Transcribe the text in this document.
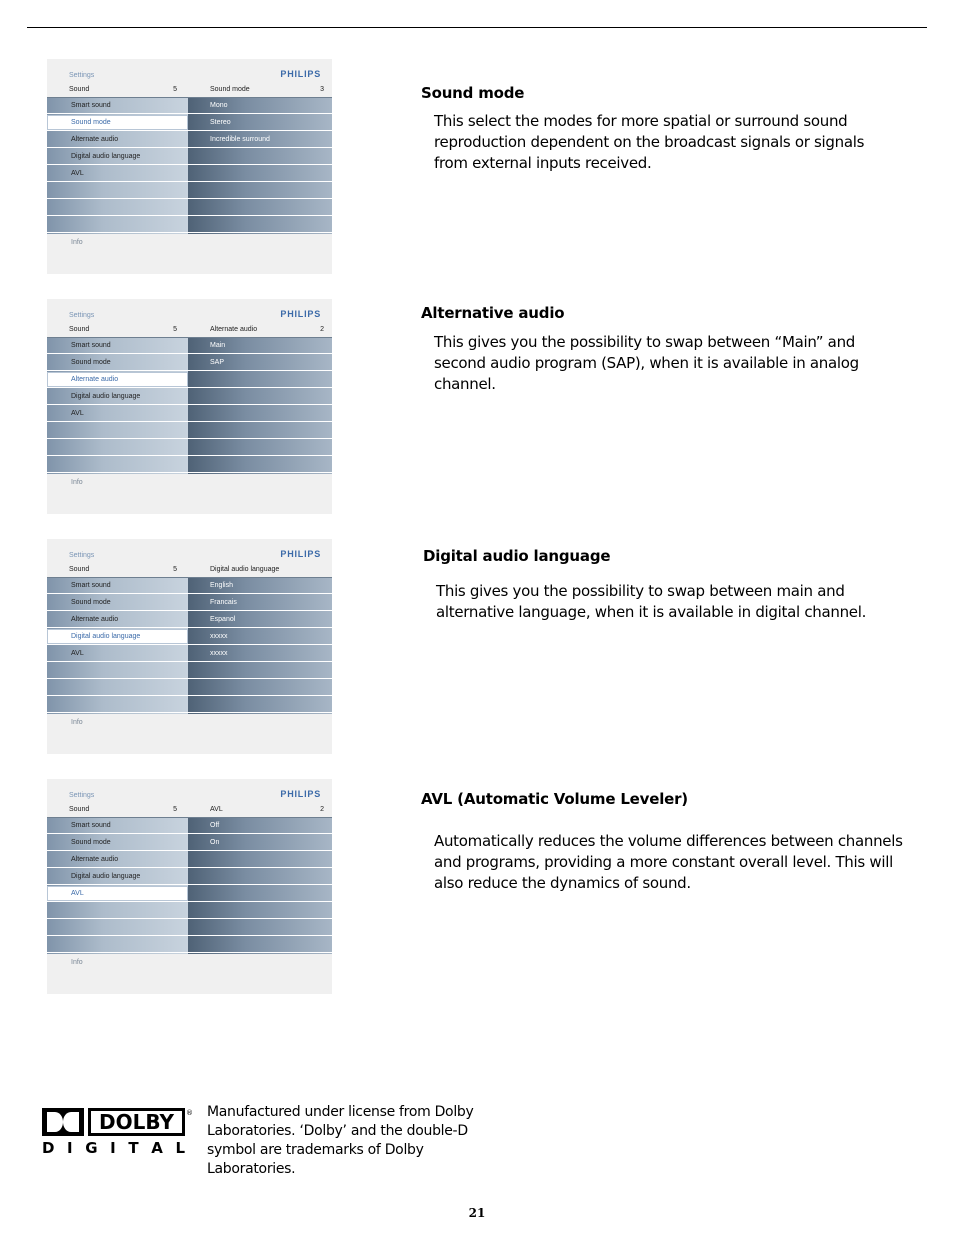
Settings	PHILIPS
Sound	5	Sound mode	3
Smart sound
Sound mode
Alternate audio
Digital audio language
AVL
Mono
Stereo
Incredible surround
Info
Settings	PHILIPS
Sound	5	Alternate audio	2
Smart sound
Sound mode
Alternate audio
Digital audio language
AVL
Main
SAP
Info
Settings	PHILIPS
Sound	5	Digital audio language
Smart sound
Sound mode
Alternate audio
Digital audio language
AVL
English
Francais
Espanol
xxxxx
xxxxx
Info
Settings	PHILIPS
Sound	5	AVL	2
Smart sound
Sound mode
Alternate audio
Digital audio language
AVL
Off
On
Info
Sound mode
This select the modes for more spatial or surround sound reproduction dependent on the broadcast signals or signals from external inputs received.
Alternative audio
This gives you the possibility to swap between “Main” and second audio program (SAP), when it is available in analog channel.
Digital audio language
This gives you the possibility to swap between main and alternative language, when it is available in digital channel.
AVL (Automatic Volume Leveler)
Automatically reduces the volume differences between channels and programs, providing a more constant overall level. This will also reduce the dynamics of sound.
DOLBY ®
D I G I T A L
Manufactured under license from Dolby Laboratories. ‘Dolby’ and the double-D symbol are trademarks of Dolby Laboratories.
21
